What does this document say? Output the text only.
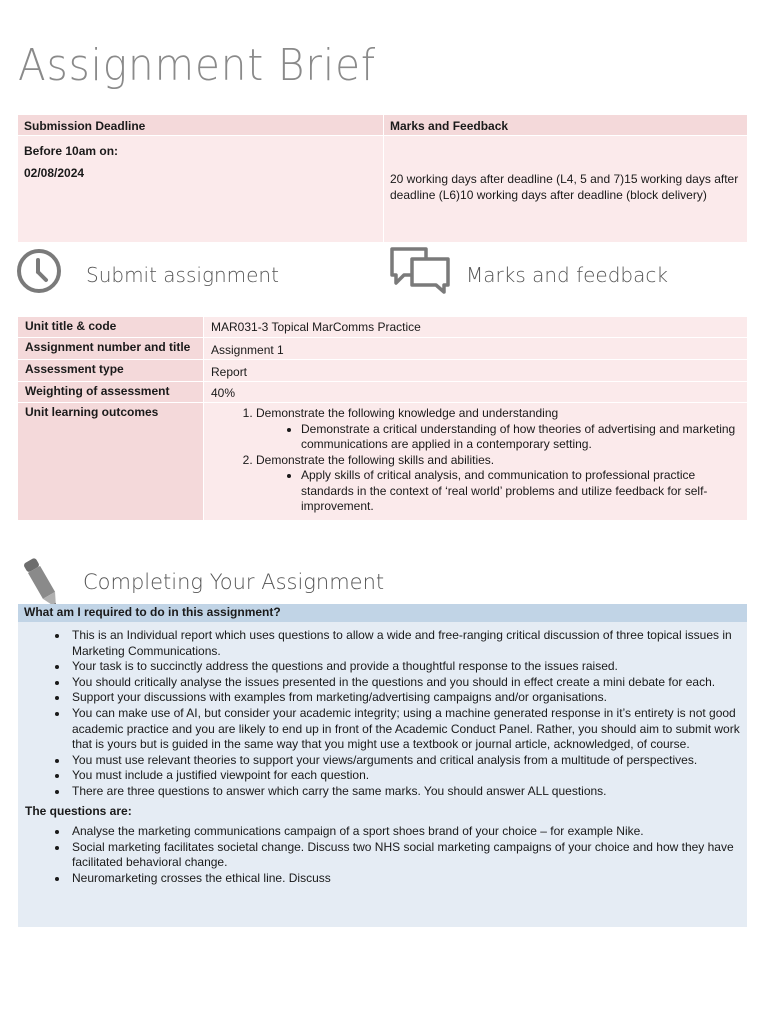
Assignment Brief
Submission Deadline	Marks and Feedback
Before 10am on:
02/08/2024	20 working days after deadline (L4, 5 and 7)15 working days after deadline (L6)10 working days after deadline (block delivery)
Submit assignment	Marks and feedback
Unit title & code	MAR031-3 Topical MarComms Practice
Assignment number and title	Assignment 1
Assessment type	Report
Weighting of assessment	40%
Unit learning outcomes
1.	Demonstrate the following knowledge and understanding
• Demonstrate a critical understanding of how theories of advertising and marketing communications are applied in a contemporary setting.
2. Demonstrate the following skills and abilities.
• Apply skills of critical analysis, and communication to professional practice standards in the context of ‘real world’ problems and utilize feedback for self-improvement.
Completing Your Assignment
What am I required to do in this assignment?
• This is an Individual report which uses questions to allow a wide and free-ranging critical discussion of three topical issues in Marketing Communications.
• Your task is to succinctly address the questions and provide a thoughtful response to the issues raised.
• You should critically analyse the issues presented in the questions and you should in effect create a mini debate for each.
• Support your discussions with examples from marketing/advertising campaigns and/or organisations.
• You can make use of AI, but consider your academic integrity; using a machine generated response in it’s entirety is not good academic practice and you are likely to end up in front of the Academic Conduct Panel. Rather, you should aim to submit work that is yours but is guided in the same way that you might use a textbook or journal article, acknowledged, of course.
• You must use relevant theories to support your views/arguments and critical analysis from a multitude of perspectives.
• You must include a justified viewpoint for each question.
• There are three questions to answer which carry the same marks. You should answer ALL questions.
The questions are:
• Analyse the marketing communications campaign of a sport shoes brand of your choice – for example Nike.
• Social marketing facilitates societal change. Discuss two NHS social marketing campaigns of your choice and how they have facilitated behavioral change.
• Neuromarketing crosses the ethical line. Discuss
